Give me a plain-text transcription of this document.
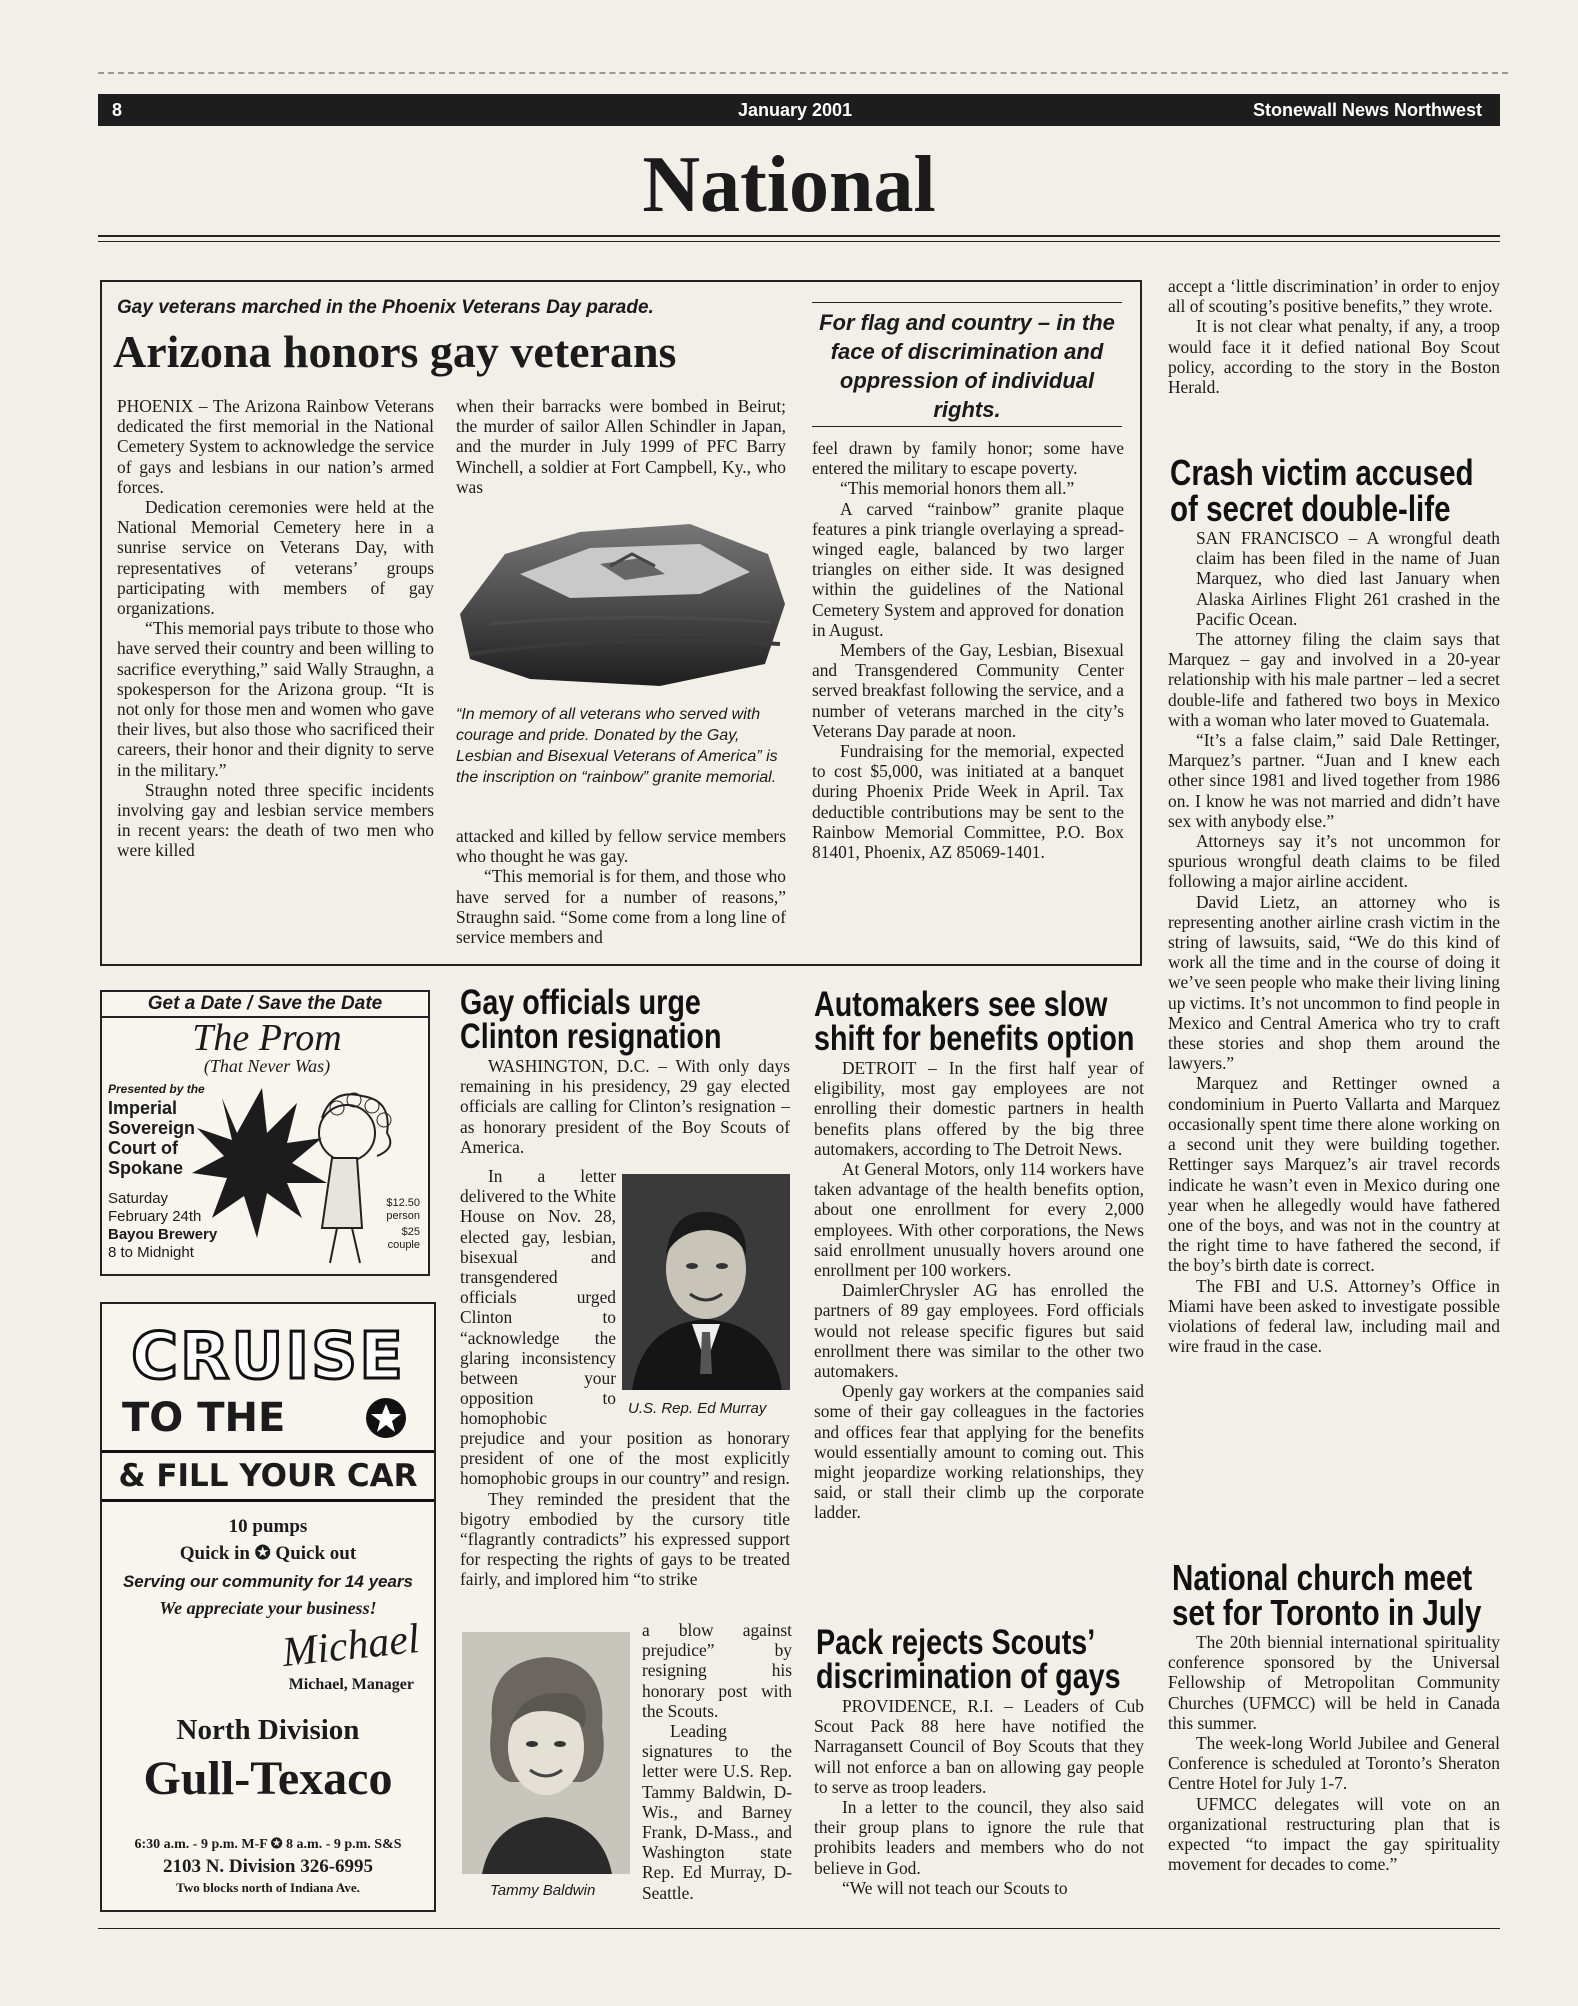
8	January 2001	Stonewall News Northwest
National
Gay veterans marched in the Phoenix Veterans Day parade.
Arizona honors gay veterans

PHOENIX – The Arizona Rainbow Veterans dedicated the first memorial in the National Cemetery System to acknowledge the service of gays and lesbians in our nation’s armed forces.

Dedication ceremonies were held at the National Memorial Cemetery here in a sunrise service on Veterans Day, with representatives of veterans’ groups participating with members of gay organizations.

“This memorial pays tribute to those who have served their country and been willing to sacrifice everything,” said Wally Straughn, a spokesperson for the Arizona group. “It is not only for those men and women who gave their lives, but also those who sacrificed their careers, their honor and their dignity to serve in the military.”

Straughn noted three specific incidents involving gay and lesbian service members in recent years: the death of two men who were killed

when their barracks were bombed in Beirut; the murder of sailor Allen Schindler in Japan, and the murder in July 1999 of PFC Barry Winchell, a soldier at Fort Campbell, Ky., who was

“In memory of all veterans who served with courage and pride. Donated by the Gay, Lesbian and Bisexual Veterans of America” is the inscription on “rainbow” granite memorial.

attacked and killed by fellow service members who thought he was gay.

“This memorial is for them, and those who have served for a number of reasons,” Straughn said. “Some come from a long line of service members and

For flag and country – in the face of discrimination and oppression of individual rights.

feel drawn by family honor; some have entered the military to escape poverty.

“This memorial honors them all.”

A carved “rainbow” granite plaque features a pink triangle overlaying a spread-winged eagle, balanced by two larger triangles on either side. It was designed within the guidelines of the National Cemetery System and approved for donation in August.

Members of the Gay, Lesbian, Bisexual and Transgendered Community Center served breakfast following the service, and a number of veterans marched in the city’s Veterans Day parade at noon.

Fundraising for the memorial, expected to cost $5,000, was initiated at a banquet during Phoenix Pride Week in April. Tax deductible contributions may be sent to the Rainbow Memorial Committee, P.O. Box 81401, Phoenix, AZ 85069-1401.

accept a ‘little discrimination’ in order to enjoy all of scouting’s positive benefits,” they wrote.

It is not clear what penalty, if any, a troop would face it it defied national Boy Scout policy, according to the story in the Boston Herald.

Crash victim accused
of secret double-life

SAN FRANCISCO – A wrongful death claim has been filed in the name of Juan Marquez, who died last January when Alaska Airlines Flight 261 crashed in the Pacific Ocean.

The attorney filing the claim says that Marquez – gay and involved in a 20-year relationship with his male partner – led a secret double-life and fathered two boys in Mexico with a woman who later moved to Guatemala.

“It’s a false claim,” said Dale Rettinger, Marquez’s partner. “Juan and I knew each other since 1981 and lived together from 1986 on. I know he was not married and didn’t have sex with anybody else.”

Attorneys say it’s not uncommon for spurious wrongful death claims to be filed following a major airline accident.

David Lietz, an attorney who is representing another airline crash victim in the string of lawsuits, said, “We do this kind of work all the time and in the course of doing it we’ve seen people who make their living lining up victims. It’s not uncommon to find people in Mexico and Central America who try to craft these stories and shop them around the lawyers.”

Marquez and Rettinger owned a condominium in Puerto Vallarta and Marquez occasionally spent time there alone working on a second unit they were building together. Rettinger says Marquez’s air travel records indicate he wasn’t even in Mexico during one year when he allegedly would have fathered one of the boys, and was not in the country at the right time to have fathered the second, if the boy’s birth date is correct.

The FBI and U.S. Attorney’s Office in Miami have been asked to investigate possible violations of federal law, including mail and wire fraud in the case.

National church meet
set for Toronto in July

The 20th biennial international spirituality conference sponsored by the Universal Fellowship of Metropolitan Community Churches (UFMCC) will be held in Canada this summer.

The week-long World Jubilee and General Conference is scheduled at Toronto’s Sheraton Centre Hotel for July 1-7.

UFMCC delegates will vote on an organizational restructuring plan that is expected “to impact the gay spirituality movement for decades to come.”

Get a Date / Save the Date
The Prom
(That Never Was)
Presented by the
Imperial
Sovereign
Court of
Spokane
Saturday
February 24th
Bayou Brewery
8 to Midnight
$12.50
person
$25
couple
CRUISE
TO THE
& FILL YOUR CAR
10 pumps
Quick in ✪ Quick out
Serving our community for 14 years
We appreciate your business!
Michael
Michael, Manager
North Division
Gull-Texaco
6:30 a.m. - 9 p.m. M-F ✪ 8 a.m. - 9 p.m. S&S
2103 N. Division 326-6995
Two blocks north of Indiana Ave.
Gay officials urge
Clinton resignation

WASHINGTON, D.C. – With only days remaining in his presidency, 29 gay elected officials are calling for Clinton’s resignation – as honorary president of the Boy Scouts of America.

In a letter delivered to the White House on Nov. 28, elected gay, lesbian, bisexual and transgendered officials urged Clinton to “acknowledge the glaring inconsistency between your opposition to homophobic	U.S. Rep. Ed Murray

prejudice and your position as honorary president of one of the most explicitly homophobic groups in our country” and resign.

They reminded the president that the bigotry embodied by the cursory title “flagrantly contradicts” his expressed support for respecting the rights of gays to be treated fairly, and implored him “to strike

Tammy Baldwin

a blow against prejudice” by resigning his honorary post with the Scouts.

Leading signatures to the letter were U.S. Rep. Tammy Baldwin, D-Wis., and Barney Frank, D-Mass., and Washington state Rep. Ed Murray, D-Seattle.

Automakers see slow
shift for benefits option

DETROIT – In the first half year of eligibility, most gay employees are not enrolling their domestic partners in health benefits plans offered by the big three automakers, according to The Detroit News.

At General Motors, only 114 workers have taken advantage of the health benefits option, about one enrollment for every 2,000 employees. With other corporations, the News said enrollment unusually hovers around one enrollment per 100 workers.

DaimlerChrysler AG has enrolled the partners of 89 gay employees. Ford officials would not release specific figures but said enrollment there was similar to the other two automakers.

Openly gay workers at the companies said some of their gay colleagues in the factories and offices fear that applying for the benefits would essentially amount to coming out. This might jeopardize working relationships, they said, or stall their climb up the corporate ladder.

Pack rejects Scouts’
discrimination of gays

PROVIDENCE, R.I. – Leaders of Cub Scout Pack 88 here have notified the Narragansett Council of Boy Scouts that they will not enforce a ban on allowing gay people to serve as troop leaders.

In a letter to the council, they also said their group plans to ignore the rule that prohibits leaders and members who do not believe in God.

“We will not teach our Scouts to
